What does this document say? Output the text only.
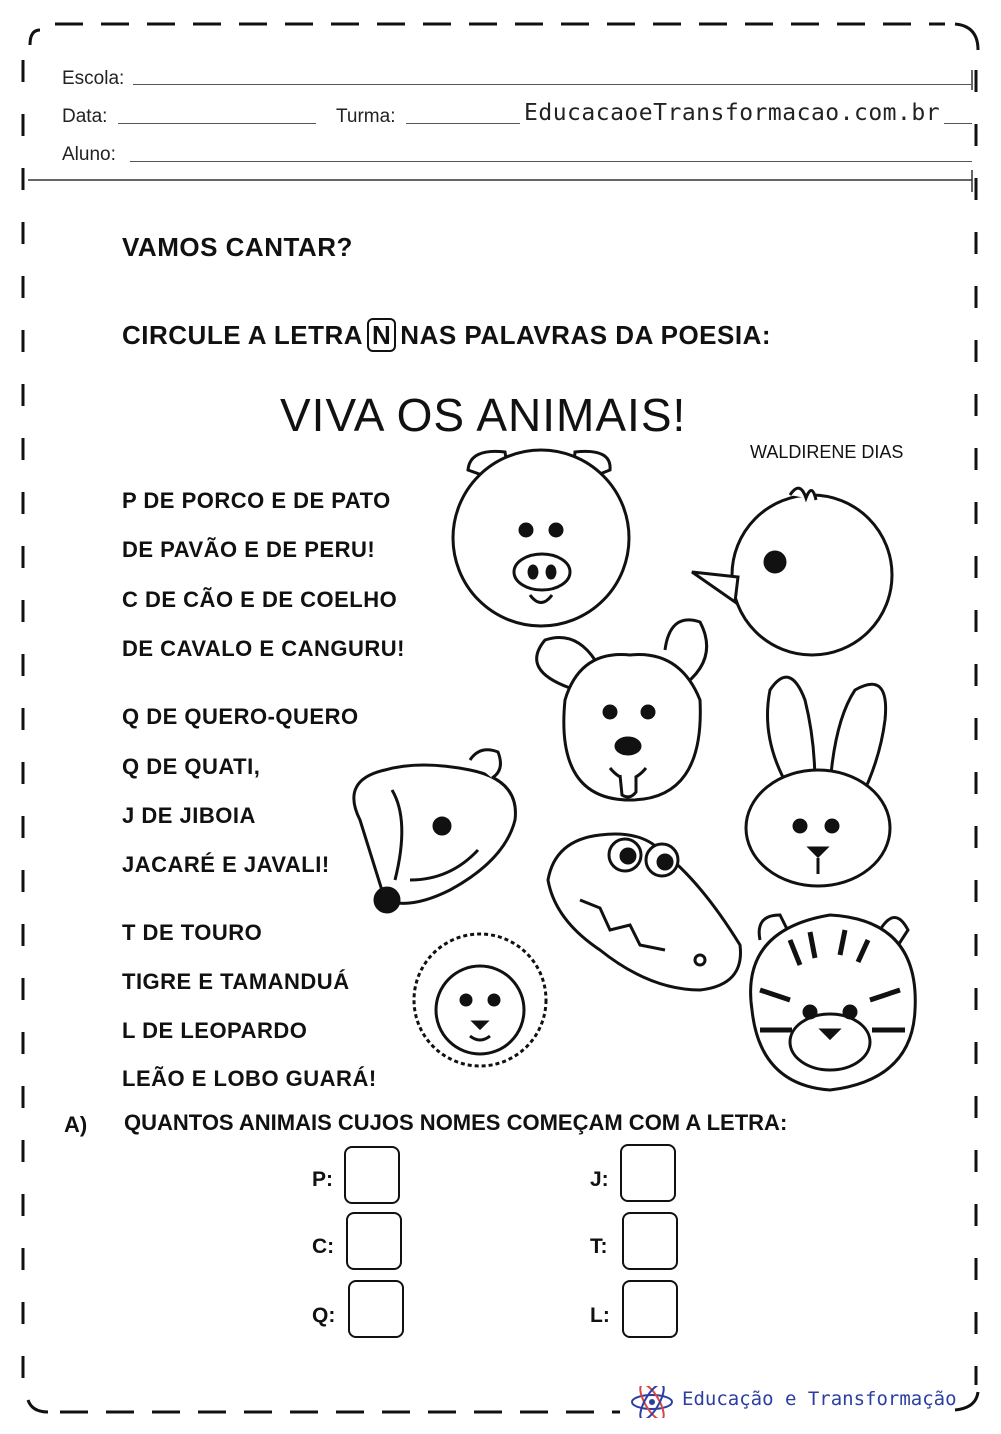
Escola:
Data:	Turma:	EducacaoeTransformacao.com.br
Aluno:
VAMOS CANTAR?
CIRCULE A LETRA N NAS PALAVRAS DA POESIA:
VIVA OS ANIMAIS!
WALDIRENE DIAS
P DE PORCO E DE PATO
DE PAVÃO E DE PERU!
C DE CÃO E DE COELHO
DE CAVALO E CANGURU!
Q DE QUERO-QUERO
Q DE QUATI,
J DE JIBOIA
JACARÉ E JAVALI!
T DE TOURO
TIGRE E TAMANDUÁ
L DE LEOPARDO
LEÃO E LOBO GUARÁ!
A) QUANTOS ANIMAIS CUJOS NOMES COMEÇAM COM A LETRA:
P:
C:
Q:
J:
T:
L:
Educação e Transformação
